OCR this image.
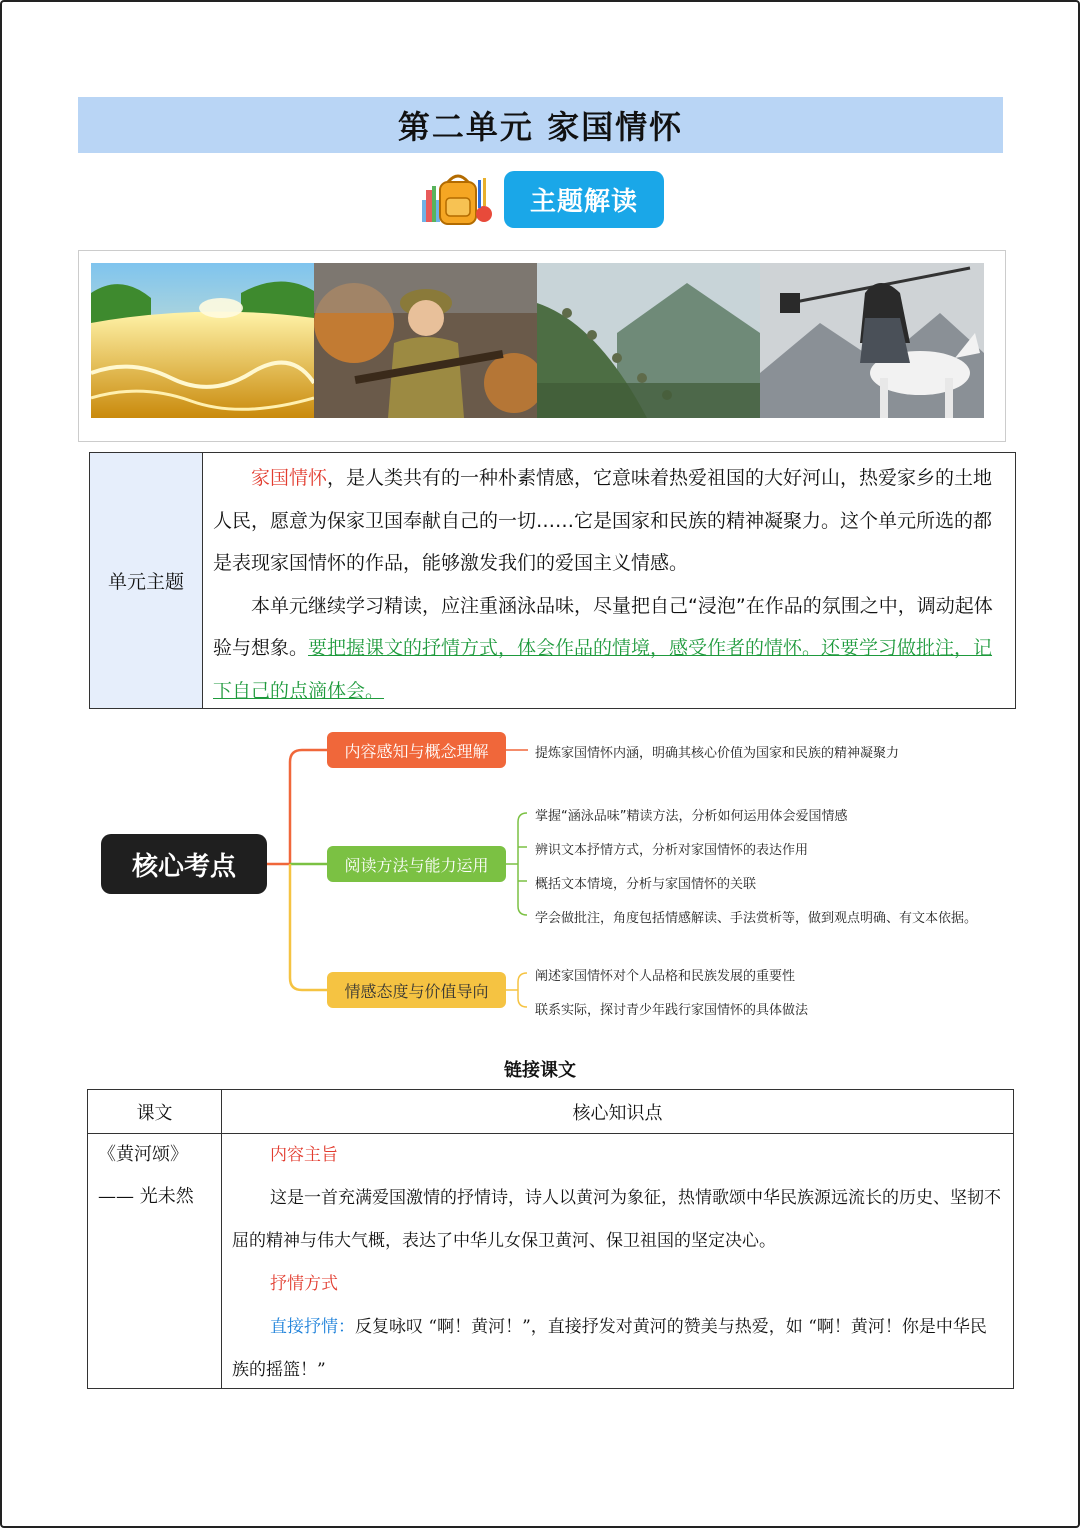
第二单元 家国情怀
主题解读
单元主题

家国情怀，是人类共有的一种朴素情感，它意味着热爱祖国的大好河山，热爱家乡的土地人民，愿意为保家卫国奉献自己的一切……它是国家和民族的精神凝聚力。这个单元所选的都是表现家国情怀的作品，能够激发我们的爱国主义情感。

本单元继续学习精读，应注重涵泳品味，尽量把自己“浸泡”在作品的氛围之中，调动起体验与想象。要把握课文的抒情方式，体会作品的情境，感受作者的情怀。还要学习做批注，记下自己的点滴体会。

核心考点
内容感知与概念理解
阅读方法与能力运用
情感态度与价值导向
提炼家国情怀内涵，明确其核心价值为国家和民族的精神凝聚力
掌握“涵泳品味”精读方法，分析如何运用体会爱国情感
辨识文本抒情方式，分析对家国情怀的表达作用
概括文本情境，分析与家国情怀的关联
学会做批注，角度包括情感解读、手法赏析等，做到观点明确、有文本依据。
阐述家国情怀对个人品格和民族发展的重要性
联系实际，探讨青少年践行家国情怀的具体做法
链接课文
课文	核心知识点
《黄河颂》
—— 光未然

内容主旨

这是一首充满爱国激情的抒情诗，诗人以黄河为象征，热情歌颂中华民族源远流长的历史、坚韧不屈的精神与伟大气概，表达了中华儿女保卫黄河、保卫祖国的坚定决心。

抒情方式

直接抒情：反复咏叹 “啊！黄河！”，直接抒发对黄河的赞美与热爱，如 “啊！黄河！你是中华民族的摇篮！”
